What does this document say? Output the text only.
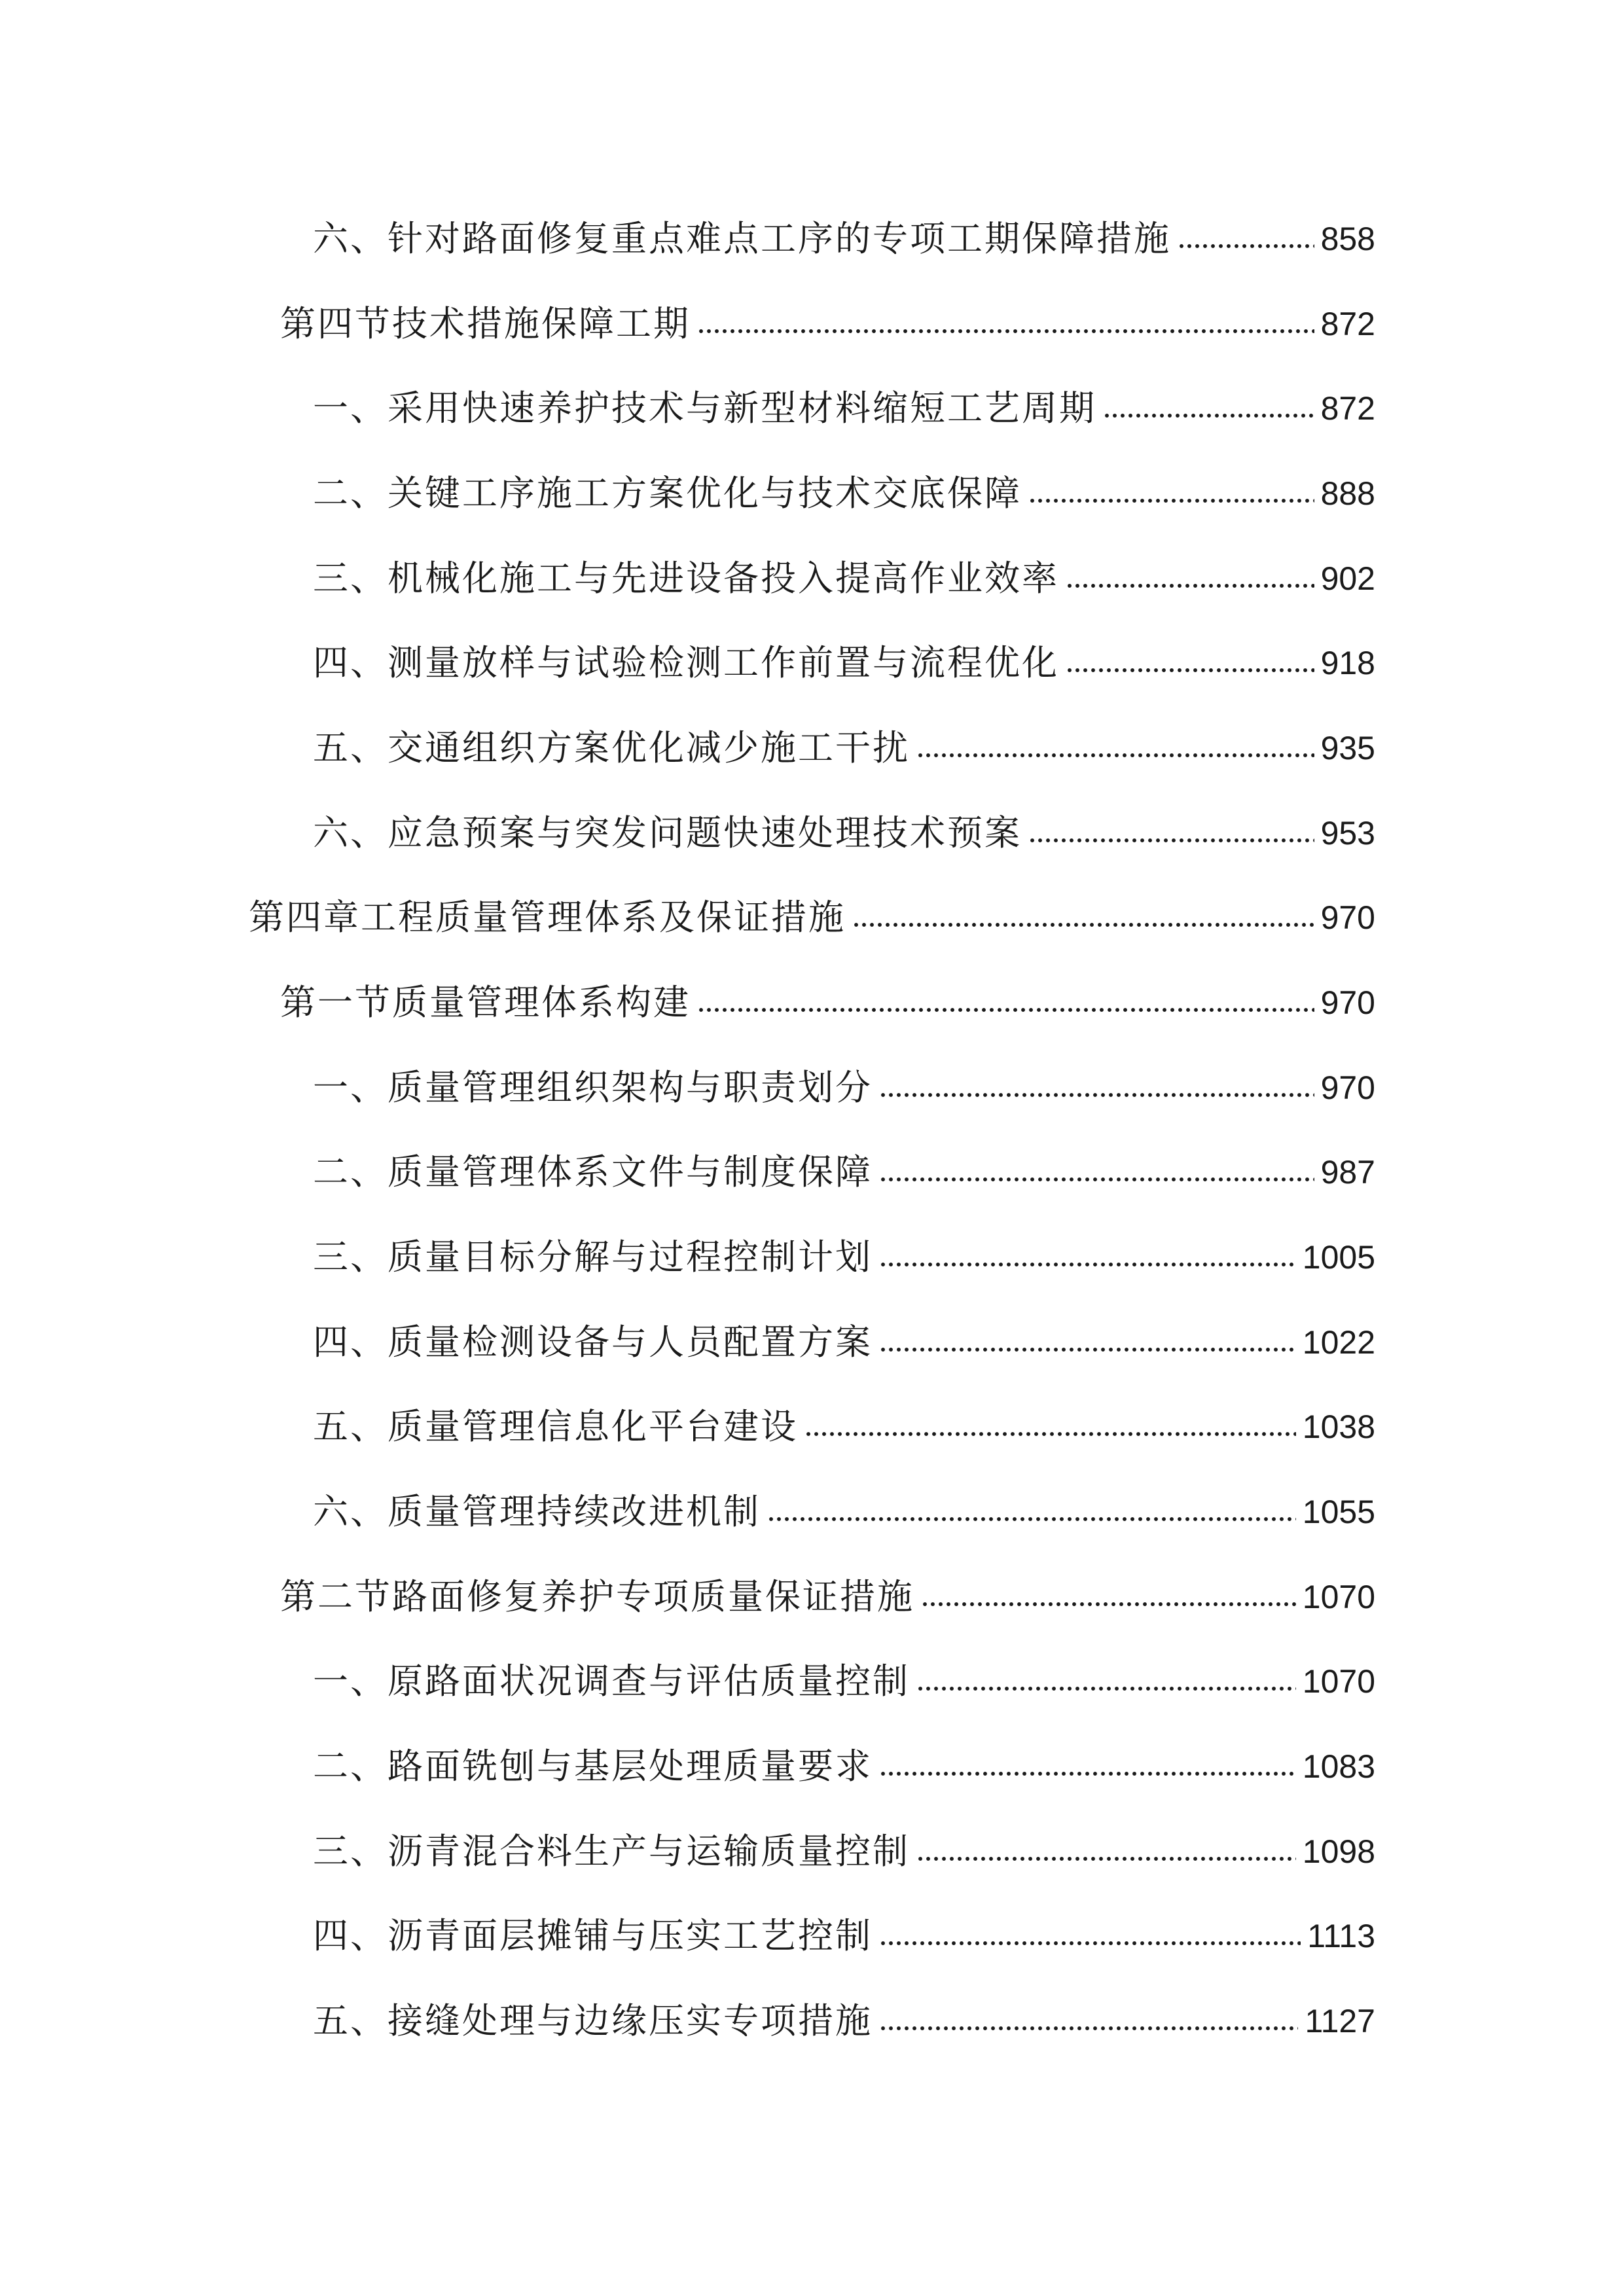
六、针对路面修复重点难点工序的专项工期保障措施	858
第四节技术措施保障工期	872
一、采用快速养护技术与新型材料缩短工艺周期	872
二、关键工序施工方案优化与技术交底保障	888
三、机械化施工与先进设备投入提高作业效率	902
四、测量放样与试验检测工作前置与流程优化	918
五、交通组织方案优化减少施工干扰	935
六、应急预案与突发问题快速处理技术预案	953
第四章工程质量管理体系及保证措施	970
第一节质量管理体系构建	970
一、质量管理组织架构与职责划分	970
二、质量管理体系文件与制度保障	987
三、质量目标分解与过程控制计划	1005
四、质量检测设备与人员配置方案	1022
五、质量管理信息化平台建设	1038
六、质量管理持续改进机制	1055
第二节路面修复养护专项质量保证措施	1070
一、原路面状况调查与评估质量控制	1070
二、路面铣刨与基层处理质量要求	1083
三、沥青混合料生产与运输质量控制	1098
四、沥青面层摊铺与压实工艺控制	1113
五、接缝处理与边缘压实专项措施	1127
